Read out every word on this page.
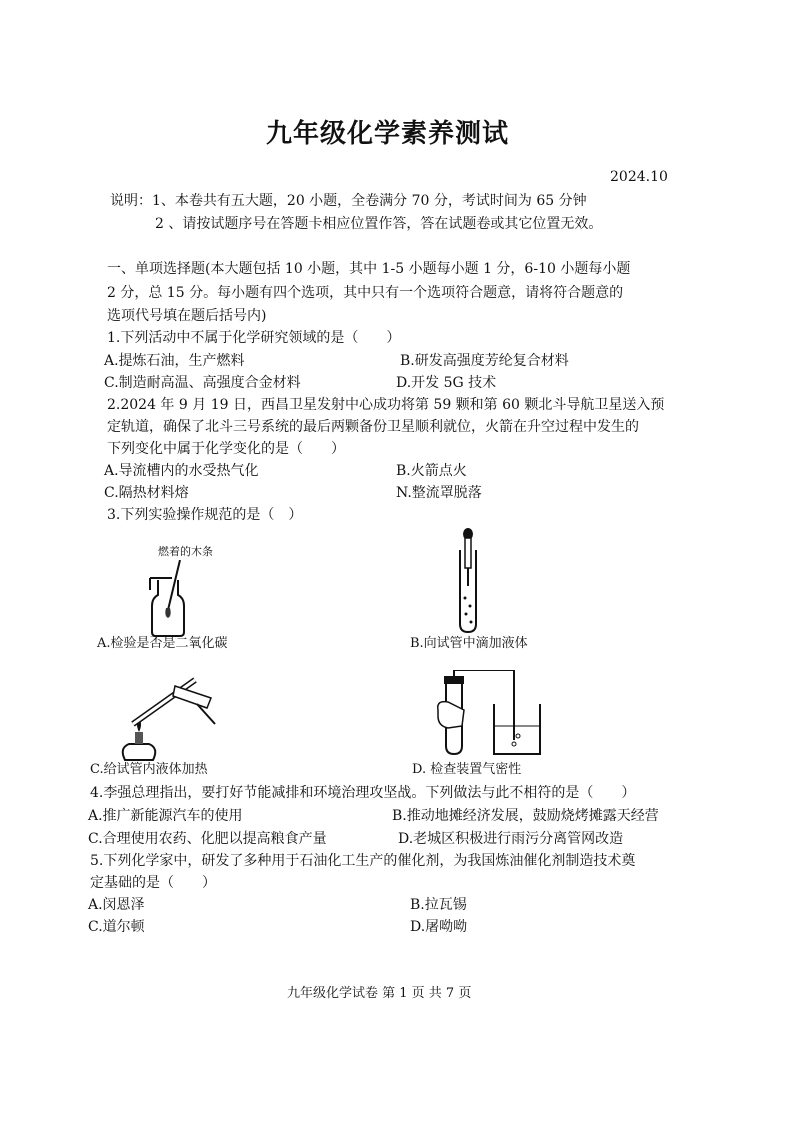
九年级化学素养测试
2024.10
说明：1、本卷共有五大题，20 小题，全卷满分 70 分，考试时间为 65 分钟
2 、请按试题序号在答题卡相应位置作答，答在试题卷或其它位置无效。
一、单项选择题(本大题包括 10 小题，其中 1-5 小题每小题 1 分，6-10 小题每小题
2 分，总 15 分。每小题有四个选项，其中只有一个选项符合题意，请将符合题意的
选项代号填在题后括号内)
1.下列活动中不属于化学研究领域的是（　　）
A.提炼石油，生产燃料	B.研发高强度芳纶复合材料
C.制造耐高温、高强度合金材料	D.开发 5G 技术
2.2024 年 9 月 19 日，西昌卫星发射中心成功将第 59 颗和第 60 颗北斗导航卫星送入预
定轨道，确保了北斗三号系统的最后两颗备份卫星顺利就位，火箭在升空过程中发生的
下列变化中属于化学变化的是（　　）
A.导流槽内的水受热气化	B.火箭点火
C.隔热材料熔	N.整流罩脱落
3.下列实验操作规范的是（　）
燃着的木条
A.检验是否是二氧化碳	B.向试管中滴加液体
C.给试管内液体加热	D. 检查装置气密性
4.李强总理指出，要打好节能减排和环境治理攻坚战。下列做法与此不相符的是（　　）
A.推广新能源汽车的使用	B.推动地摊经济发展，鼓励烧烤摊露天经营
C.合理使用农药、化肥以提高粮食产量	D.老城区积极进行雨污分离管网改造
5.下列化学家中，研发了多种用于石油化工生产的催化剂，为我国炼油催化剂制造技术奠
定基础的是（　　）
A.闵恩泽	B.拉瓦锡
C.道尔顿	D.屠呦呦
九年级化学试卷 第 1 页 共 7 页
